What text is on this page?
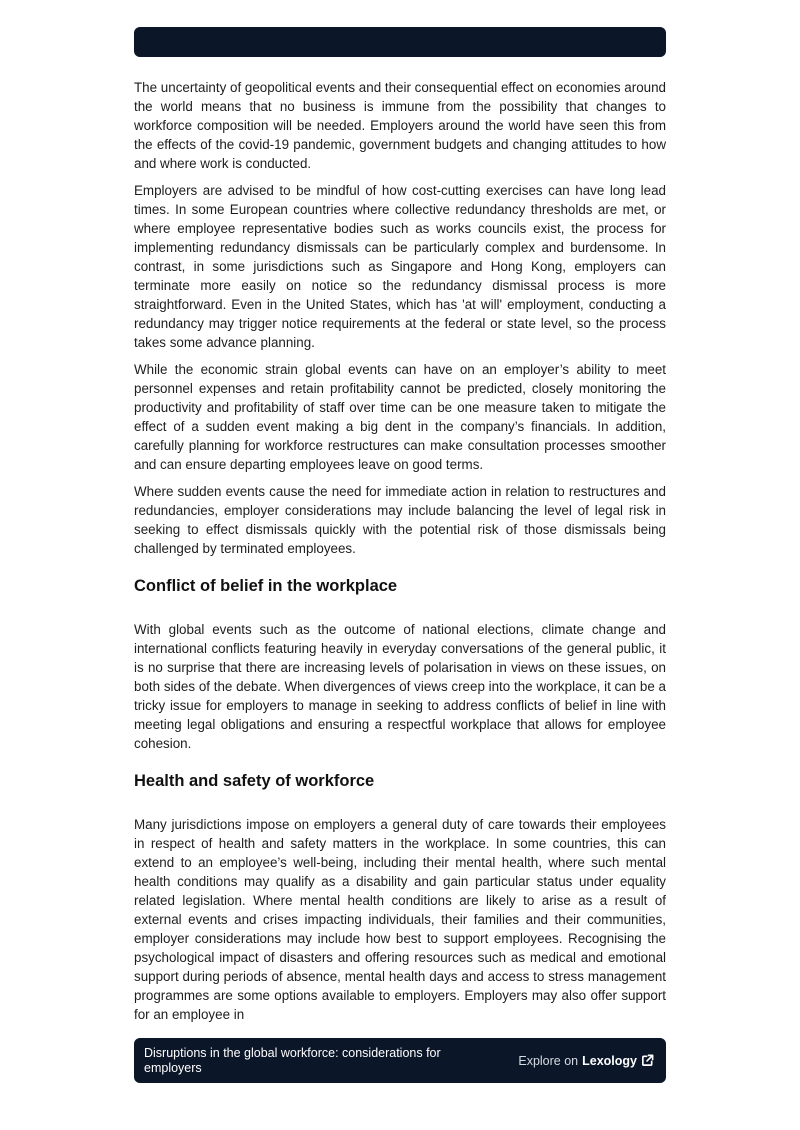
The uncertainty of geopolitical events and their consequential effect on economies around the world means that no business is immune from the possibility that changes to workforce composition will be needed. Employers around the world have seen this from the effects of the covid-19 pandemic, government budgets and changing attitudes to how and where work is conducted.

Employers are advised to be mindful of how cost-cutting exercises can have long lead times. In some European countries where collective redundancy thresholds are met, or where employee representative bodies such as works councils exist, the process for implementing redundancy dismissals can be particularly complex and burdensome. In contrast, in some jurisdictions such as Singapore and Hong Kong, employers can terminate more easily on notice so the redundancy dismissal process is more straightforward. Even in the United States, which has 'at will' employment, conducting a redundancy may trigger notice requirements at the federal or state level, so the process takes some advance planning.

While the economic strain global events can have on an employer’s ability to meet personnel expenses and retain profitability cannot be predicted, closely monitoring the productivity and profitability of staff over time can be one measure taken to mitigate the effect of a sudden event making a big dent in the company’s financials. In addition, carefully planning for workforce restructures can make consultation processes smoother and can ensure departing employees leave on good terms.

Where sudden events cause the need for immediate action in relation to restructures and redundancies, employer considerations may include balancing the level of legal risk in seeking to effect dismissals quickly with the potential risk of those dismissals being challenged by terminated employees.

Conflict of belief in the workplace

With global events such as the outcome of national elections, climate change and international conflicts featuring heavily in everyday conversations of the general public, it is no surprise that there are increasing levels of polarisation in views on these issues, on both sides of the debate. When divergences of views creep into the workplace, it can be a tricky issue for employers to manage in seeking to address conflicts of belief in line with meeting legal obligations and ensuring a respectful workplace that allows for employee cohesion.

Health and safety of workforce

Many jurisdictions impose on employers a general duty of care towards their employees in respect of health and safety matters in the workplace. In some countries, this can extend to an employee’s well-being, including their mental health, where such mental health conditions may qualify as a disability and gain particular status under equality related legislation. Where mental health conditions are likely to arise as a result of external events and crises impacting individuals, their families and their communities, employer considerations may include how best to support employees. Recognising the psychological impact of disasters and offering resources such as medical and emotional support during periods of absence, mental health days and access to stress management programmes are some options available to employers. Employers may also offer support for an employee in

Disruptions in the global workforce: considerations for employers	Explore on Lexology
